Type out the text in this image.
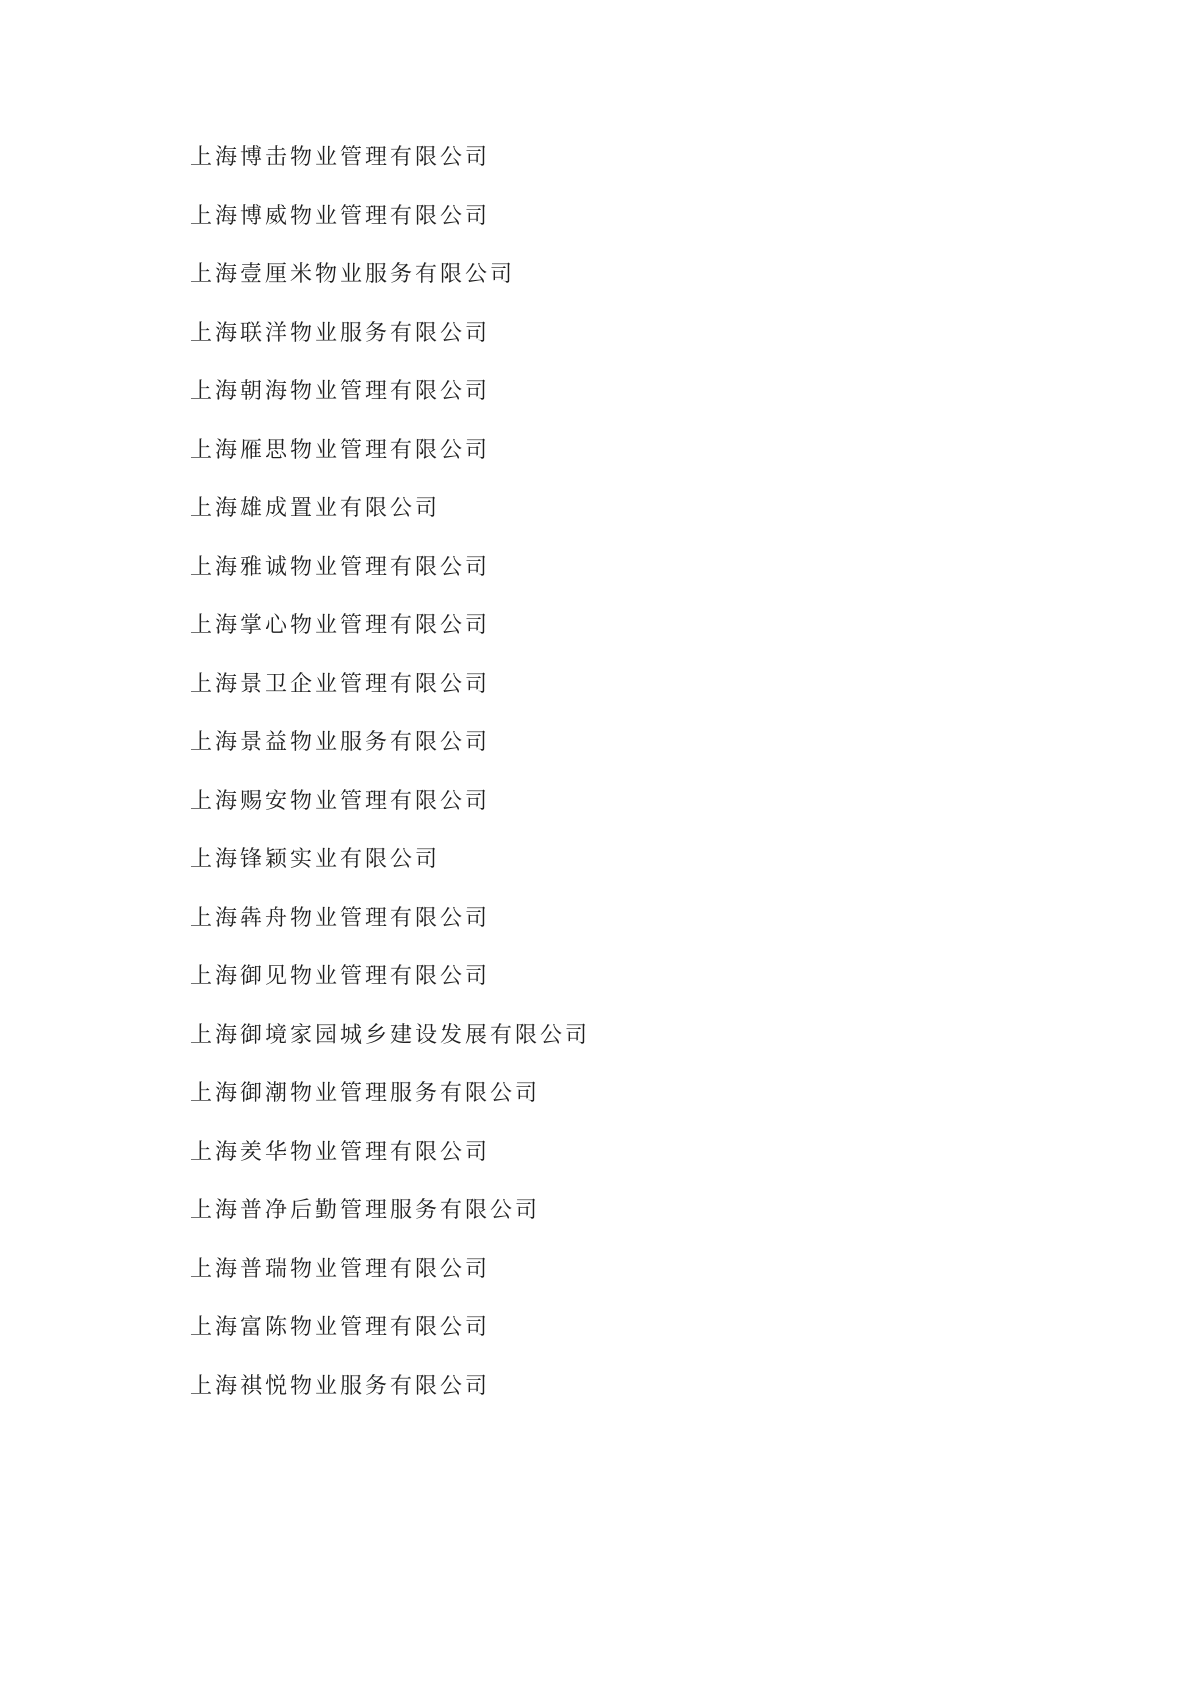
上海博击物业管理有限公司

上海博威物业管理有限公司

上海壹厘米物业服务有限公司

上海联洋物业服务有限公司

上海朝海物业管理有限公司

上海雁思物业管理有限公司

上海雄成置业有限公司

上海雅诚物业管理有限公司

上海掌心物业管理有限公司

上海景卫企业管理有限公司

上海景益物业服务有限公司

上海赐安物业管理有限公司

上海锋颖实业有限公司

上海犇舟物业管理有限公司

上海御见物业管理有限公司

上海御境家园城乡建设发展有限公司

上海御潮物业管理服务有限公司

上海羑华物业管理有限公司

上海普净后勤管理服务有限公司

上海普瑞物业管理有限公司

上海富陈物业管理有限公司

上海祺悦物业服务有限公司
